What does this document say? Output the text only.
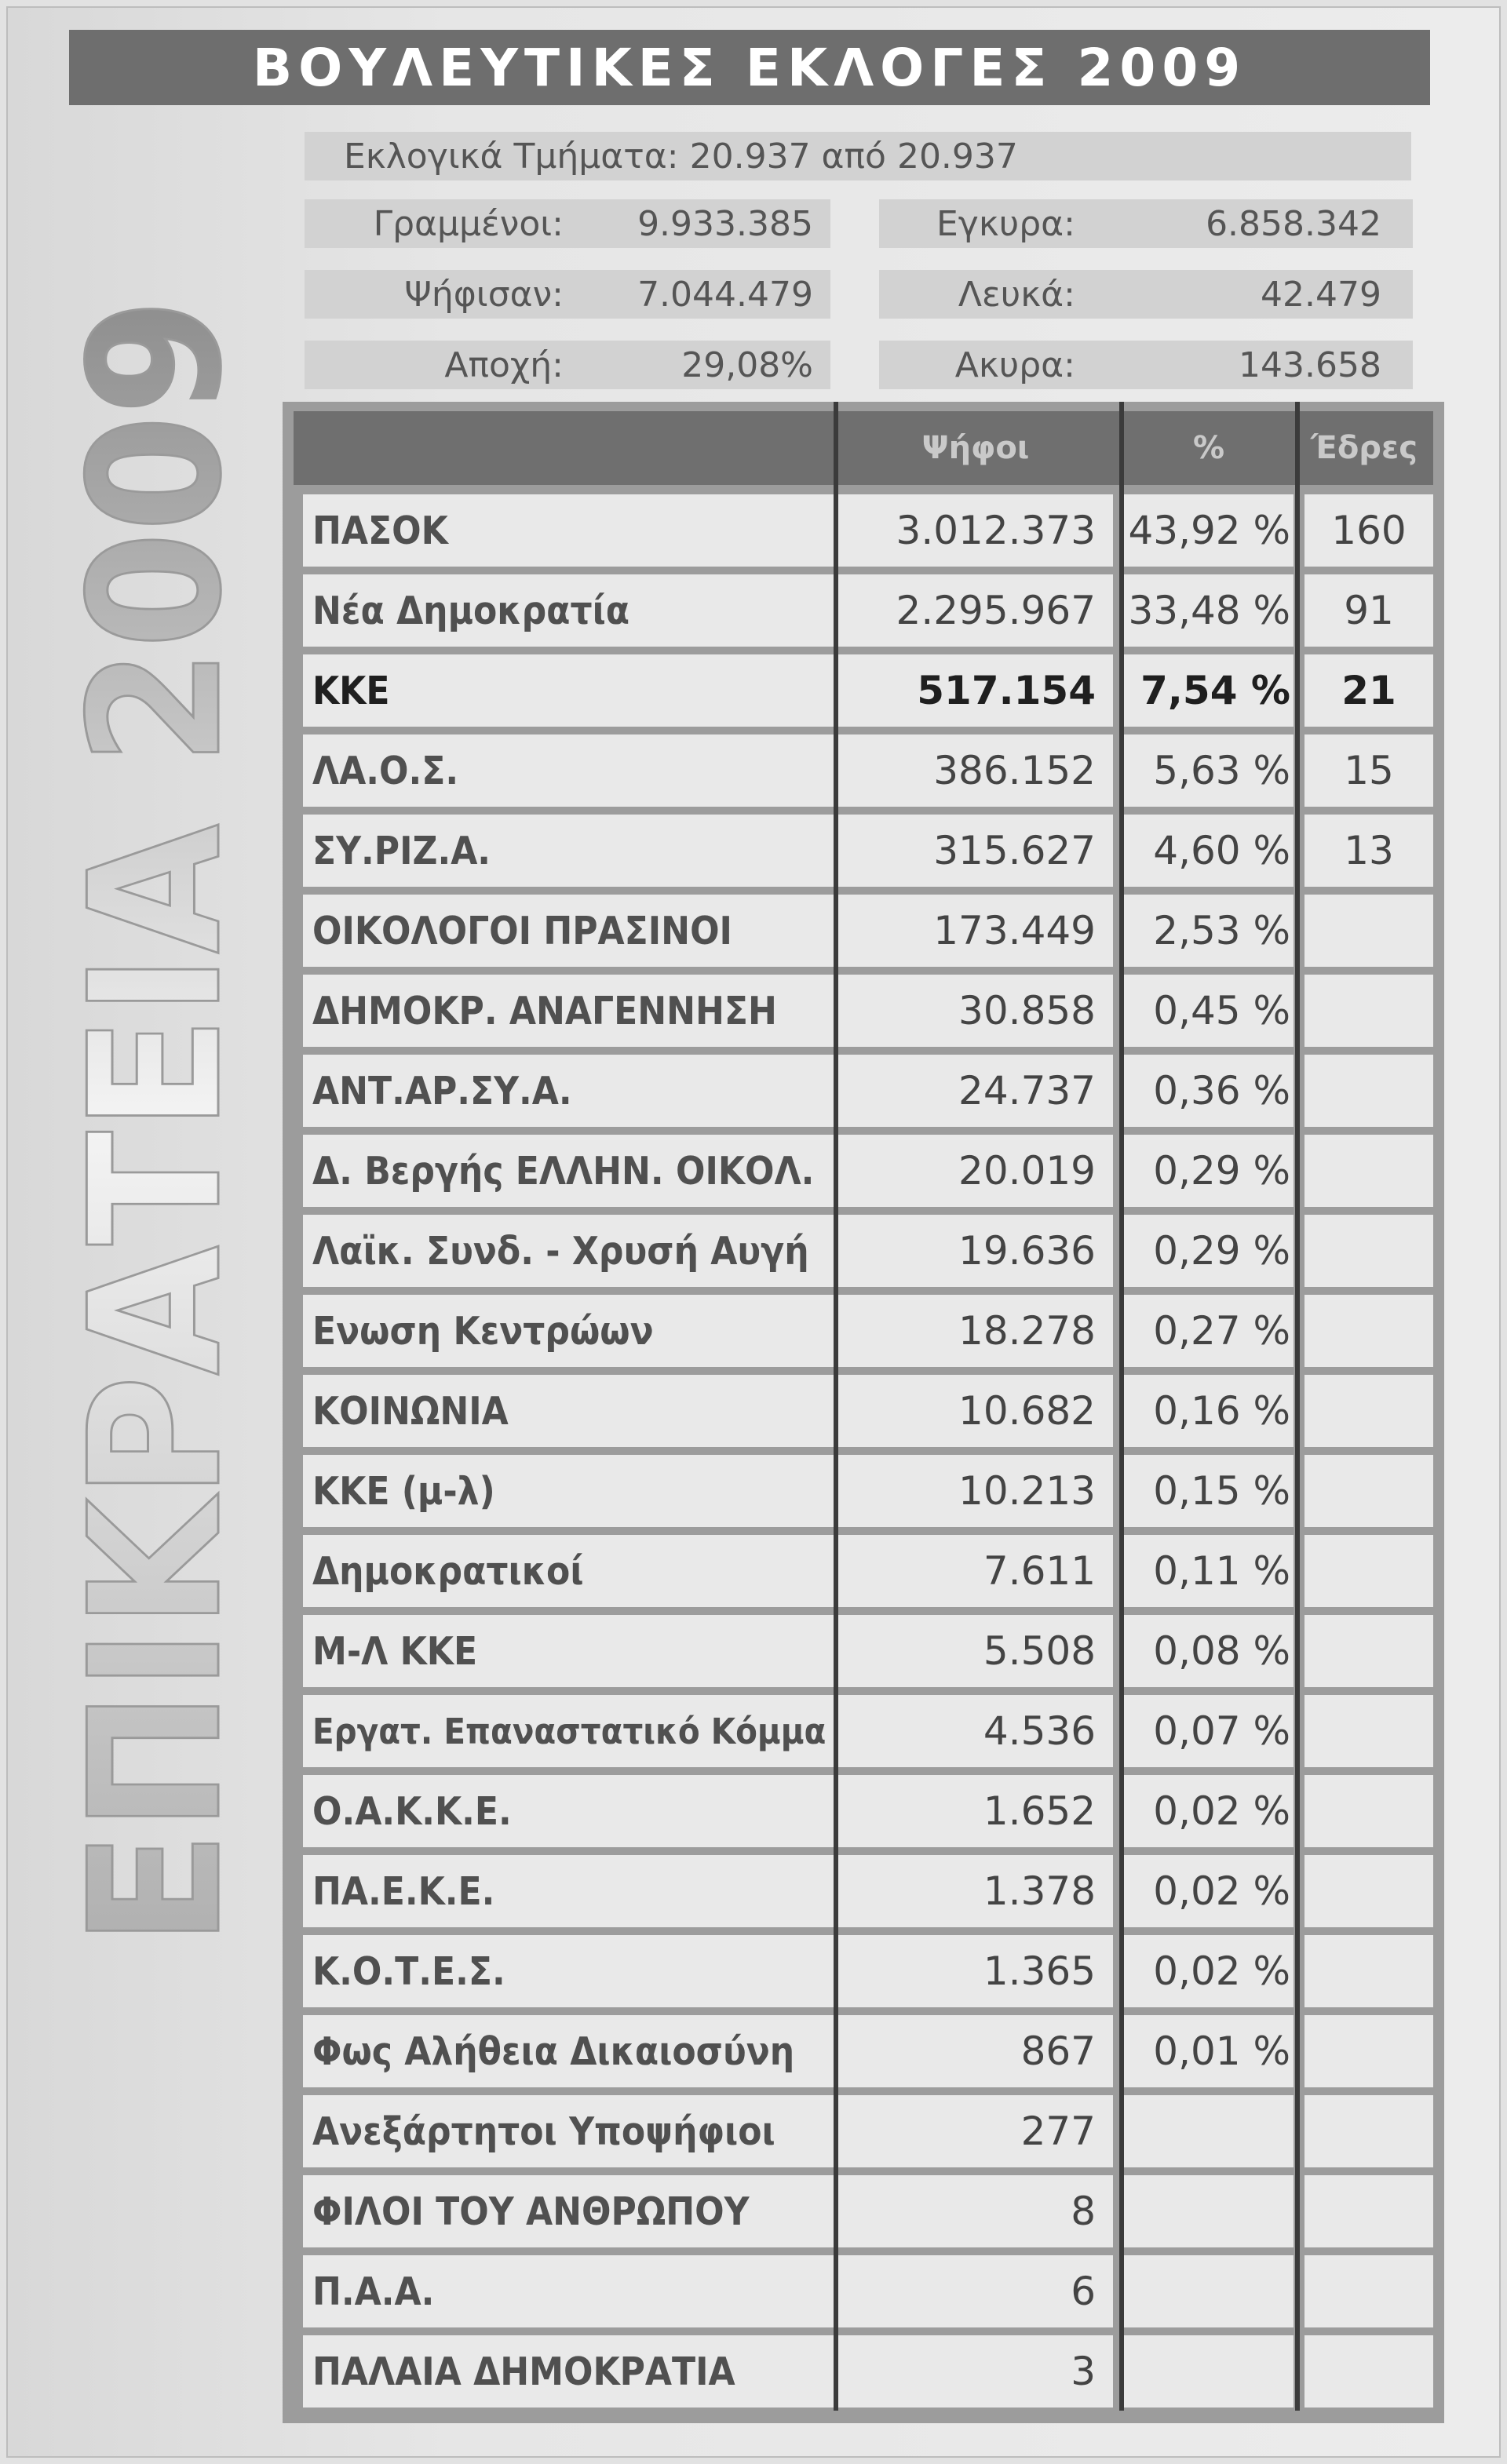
ΒΟΥΛΕΥΤΙΚΕΣ ΕΚΛΟΓΕΣ 2009
Εκλογικά Τμήματα: 20.937 από 20.937
Γραμμένοι: 9.933.385
Ψήφισαν: 7.044.479
Αποχή:	29,08%
Εγκυρα:	6.858.342
Λευκά:	42.479
Ακυρα:	143.658
ΕΠΙΚΡΑΤΕΙΑ 2009	Ψήφοι	%	Έδρες
ΠΑΣΟΚ	3.012.373 43,92 %	160
Νέα Δημοκρατία	2.295.967 33,48 %	91
ΚΚΕ	517.154	7,54 %	21
ΛΑ.Ο.Σ.	386.152	5,63 %	15
ΣΥ.ΡΙΖ.Α.	315.627	4,60 %	13
ΟΙΚΟΛΟΓΟΙ ΠΡΑΣΙΝΟΙ	173.449	2,53 %
ΔΗΜΟΚΡ. ΑΝΑΓΕΝΝΗΣΗ	30.858	0,45 %
ΑΝΤ.ΑΡ.ΣΥ.Α.	24.737	0,36 %
Δ. Βεργής ΕΛΛΗΝ. ΟΙΚΟΛ.	20.019	0,29 %
Λαϊκ. Συνδ. - Χρυσή Αυγή	19.636	0,29 %
Ενωση Κεντρώων	18.278	0,27 %
ΚΟΙΝΩΝΙΑ	10.682	0,16 %
ΚΚΕ (μ-λ)	10.213	0,15 %
Δημοκρατικοί	7.611	0,11 %
Μ-Λ ΚΚΕ	5.508	0,08 %
Εργατ. Επαναστατικό Κόμμα	4.536	0,07 %
Ο.Α.Κ.Κ.Ε.	1.652	0,02 %
ΠΑ.Ε.Κ.Ε.	1.378	0,02 %
Κ.Ο.Τ.Ε.Σ.	1.365	0,02 %
Φως Αλήθεια Δικαιοσύνη	867	0,01 %
Ανεξάρτητοι Υποψήφιοι	277
ΦΙΛΟΙ ΤΟΥ ΑΝΘΡΩΠΟΥ	8
Π.Α.Α.	6
ΠΑΛΑΙΑ ΔΗΜΟΚΡΑΤΙΑ	3
